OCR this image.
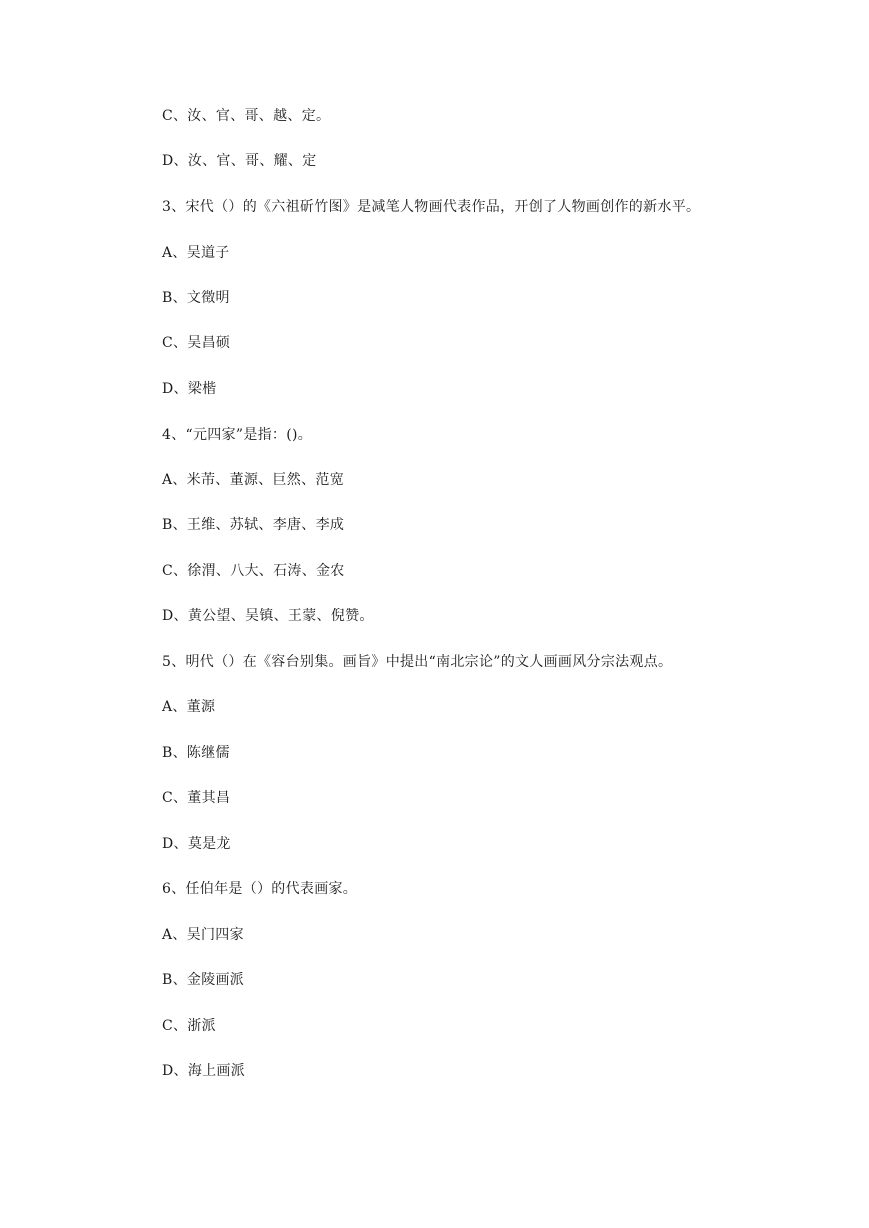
C、汝、官、哥、越、定。
D、汝、官、哥、耀、定
3、宋代（）的《六祖斫竹图》是减笔人物画代表作品，开创了人物画创作的新水平。
A、吴道子
B、文徵明
C、吴昌硕
D、梁楷
4、“元四家”是指：()。
A、米芾、董源、巨然、范宽
B、王维、苏轼、李唐、李成
C、徐渭、八大、石涛、金农
D、黄公望、吴镇、王蒙、倪赞。
5、明代（）在《容台别集。画旨》中提出“南北宗论”的文人画画风分宗法观点。
A、董源
B、陈继儒
C、董其昌
D、莫是龙
6、任伯年是（）的代表画家。
A、吴门四家
B、金陵画派
C、浙派
D、海上画派
